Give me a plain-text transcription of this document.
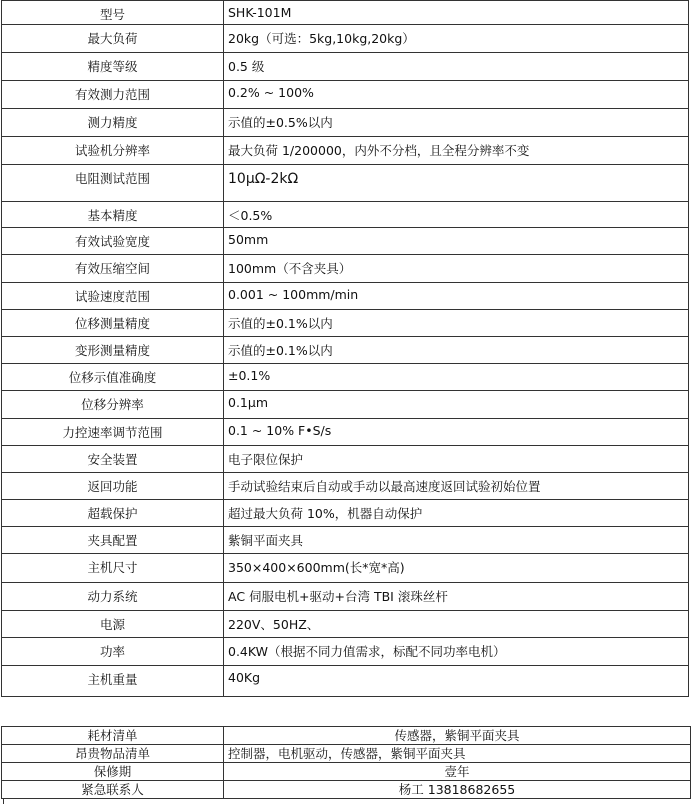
型号	SHK-101M
最大负荷	20kg（可选：5kg,10kg,20kg）
精度等级	0.5 级
有效测力范围	0.2% ~ 100%
测力精度	示值的±0.5%以内
试验机分辨率	最大负荷 1/200000，内外不分档，且全程分辨率不变
电阻测试范围	10μΩ-2kΩ
基本精度	＜0.5%
有效试验宽度	50mm
有效压缩空间	100mm（不含夹具）
试验速度范围	0.001 ~ 100mm/min
位移测量精度	示值的±0.1%以内
变形测量精度	示值的±0.1%以内
位移示值准确度	±0.1%
位移分辨率	0.1μm
力控速率调节范围	0.1 ~ 10% F•S/s
安全装置	电子限位保护
返回功能	手动试验结束后自动或手动以最高速度返回试验初始位置
超载保护	超过最大负荷 10%，机器自动保护
夹具配置	紫铜平面夹具
主机尺寸	350×400×600mm(长*宽*高)
动力系统	AC 伺服电机+驱动+台湾 TBI 滚珠丝杆
电源	220V、50HZ、
功率	0.4KW（根据不同力值需求，标配不同功率电机）
主机重量	40Kg
耗材清单	传感器，紫铜平面夹具
昂贵物品清单	控制器，电机驱动，传感器，紫铜平面夹具
保修期	壹年
紧急联系人	杨工 13818682655
